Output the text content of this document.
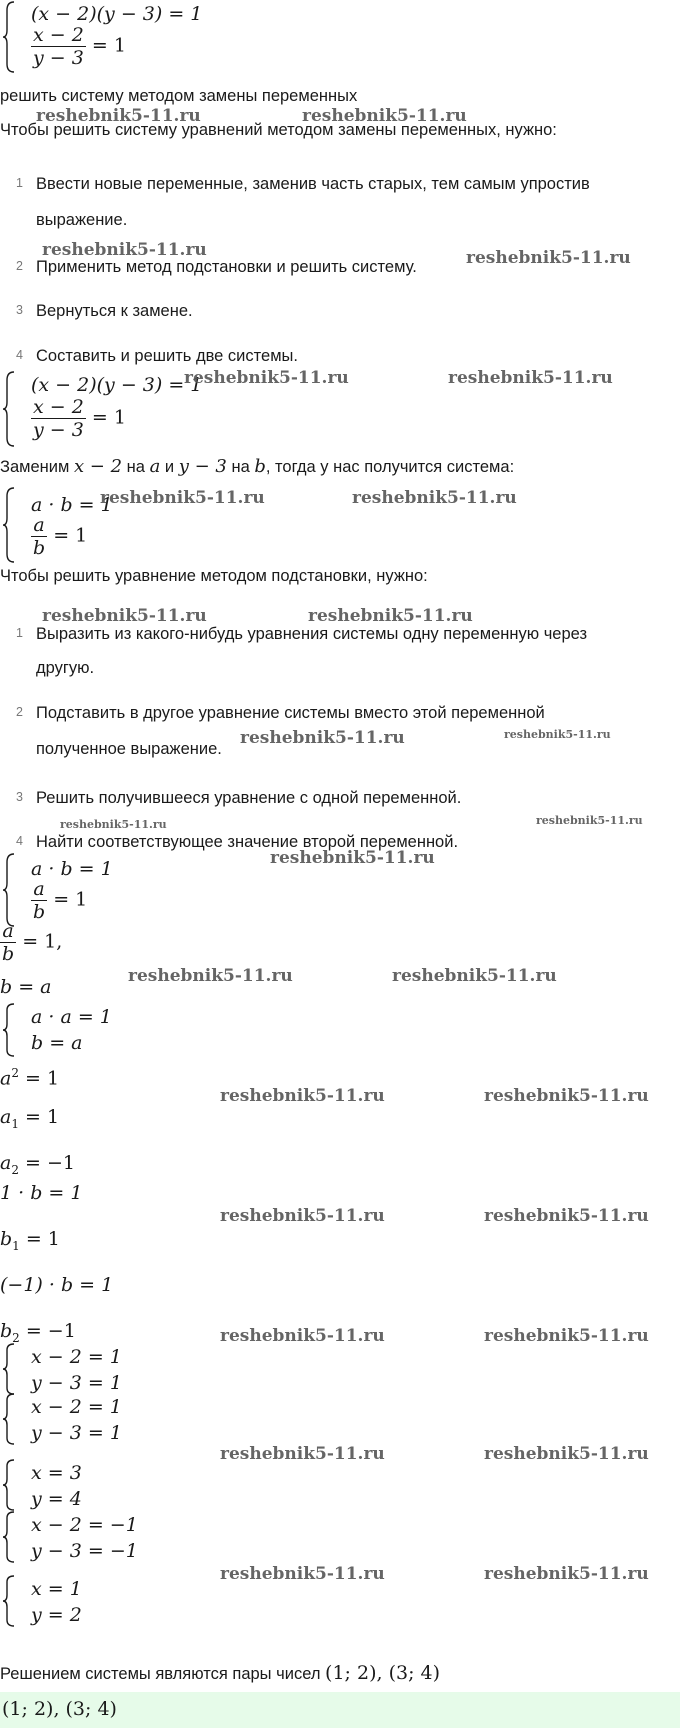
(x − 2)(y − 3) = 1
$\frac{x - 2}{y - 3} = 1$
решить систему методом замены переменных
Чтобы решить систему уравнений методом замены переменных, нужно:
1 Ввести новые переменные, заменив часть старых, тем самым упростив
выражение.
2 Применить метод подстановки и решить систему.
3 Вернуться к замене.
4 Составить и решить две системы.
(x − 2)(y − 3) = 1
$\frac{x - 2}{y - 3} = 1$
Заменим x − 2 на a и y − 3 на b, тогда у нас получится система:
a · b = 1
$\frac{a}{b} = 1$
Чтобы решить уравнение методом подстановки, нужно:
1 Выразить из какого-нибудь уравнения системы одну переменную через
другую.
2 Подставить в другое уравнение системы вместо этой переменной
полученное выражение.
3 Решить получившееся уравнение с одной переменной.
4 Найти соответствующее значение второй переменной.
a · b = 1
$\frac{a}{b} = 1$
$\frac{a}{b} = 1$,
b = a
a · a = 1
b = a
$a^2 = 1$
$a_1 = 1$
$a_2 = -1$
1 · b = 1
$b_1 = 1$
(−1) · b = 1
$b_2 = -1$
x − 2 = 1
y − 3 = 1
x − 2 = 1
y − 3 = 1
x = 3
y = 4
x − 2 = −1
y − 3 = −1
x = 1
y = 2
Решением системы являются пары чисел (1; 2), (3; 4)
(1; 2), (3; 4)
reshebnik5-11.ru	reshebnik5-11.ru
reshebnik5-11.ru	reshebnik5-11.ru
reshebnik5-11.ru	reshebnik5-11.ru
reshebnik5-11.ru	reshebnik5-11.ru
reshebnik5-11.ru	reshebnik5-11.ru
reshebnik5-11.ru	reshebnik5-11.ru
reshebnik5-11.ru
reshebnik5-11.ru
reshebnik5-11.ru
reshebnik5-11.ru	reshebnik5-11.ru
reshebnik5-11.ru	reshebnik5-11.ru
reshebnik5-11.ru	reshebnik5-11.ru
reshebnik5-11.ru	reshebnik5-11.ru
reshebnik5-11.ru	reshebnik5-11.ru
reshebnik5-11.ru	reshebnik5-11.ru
